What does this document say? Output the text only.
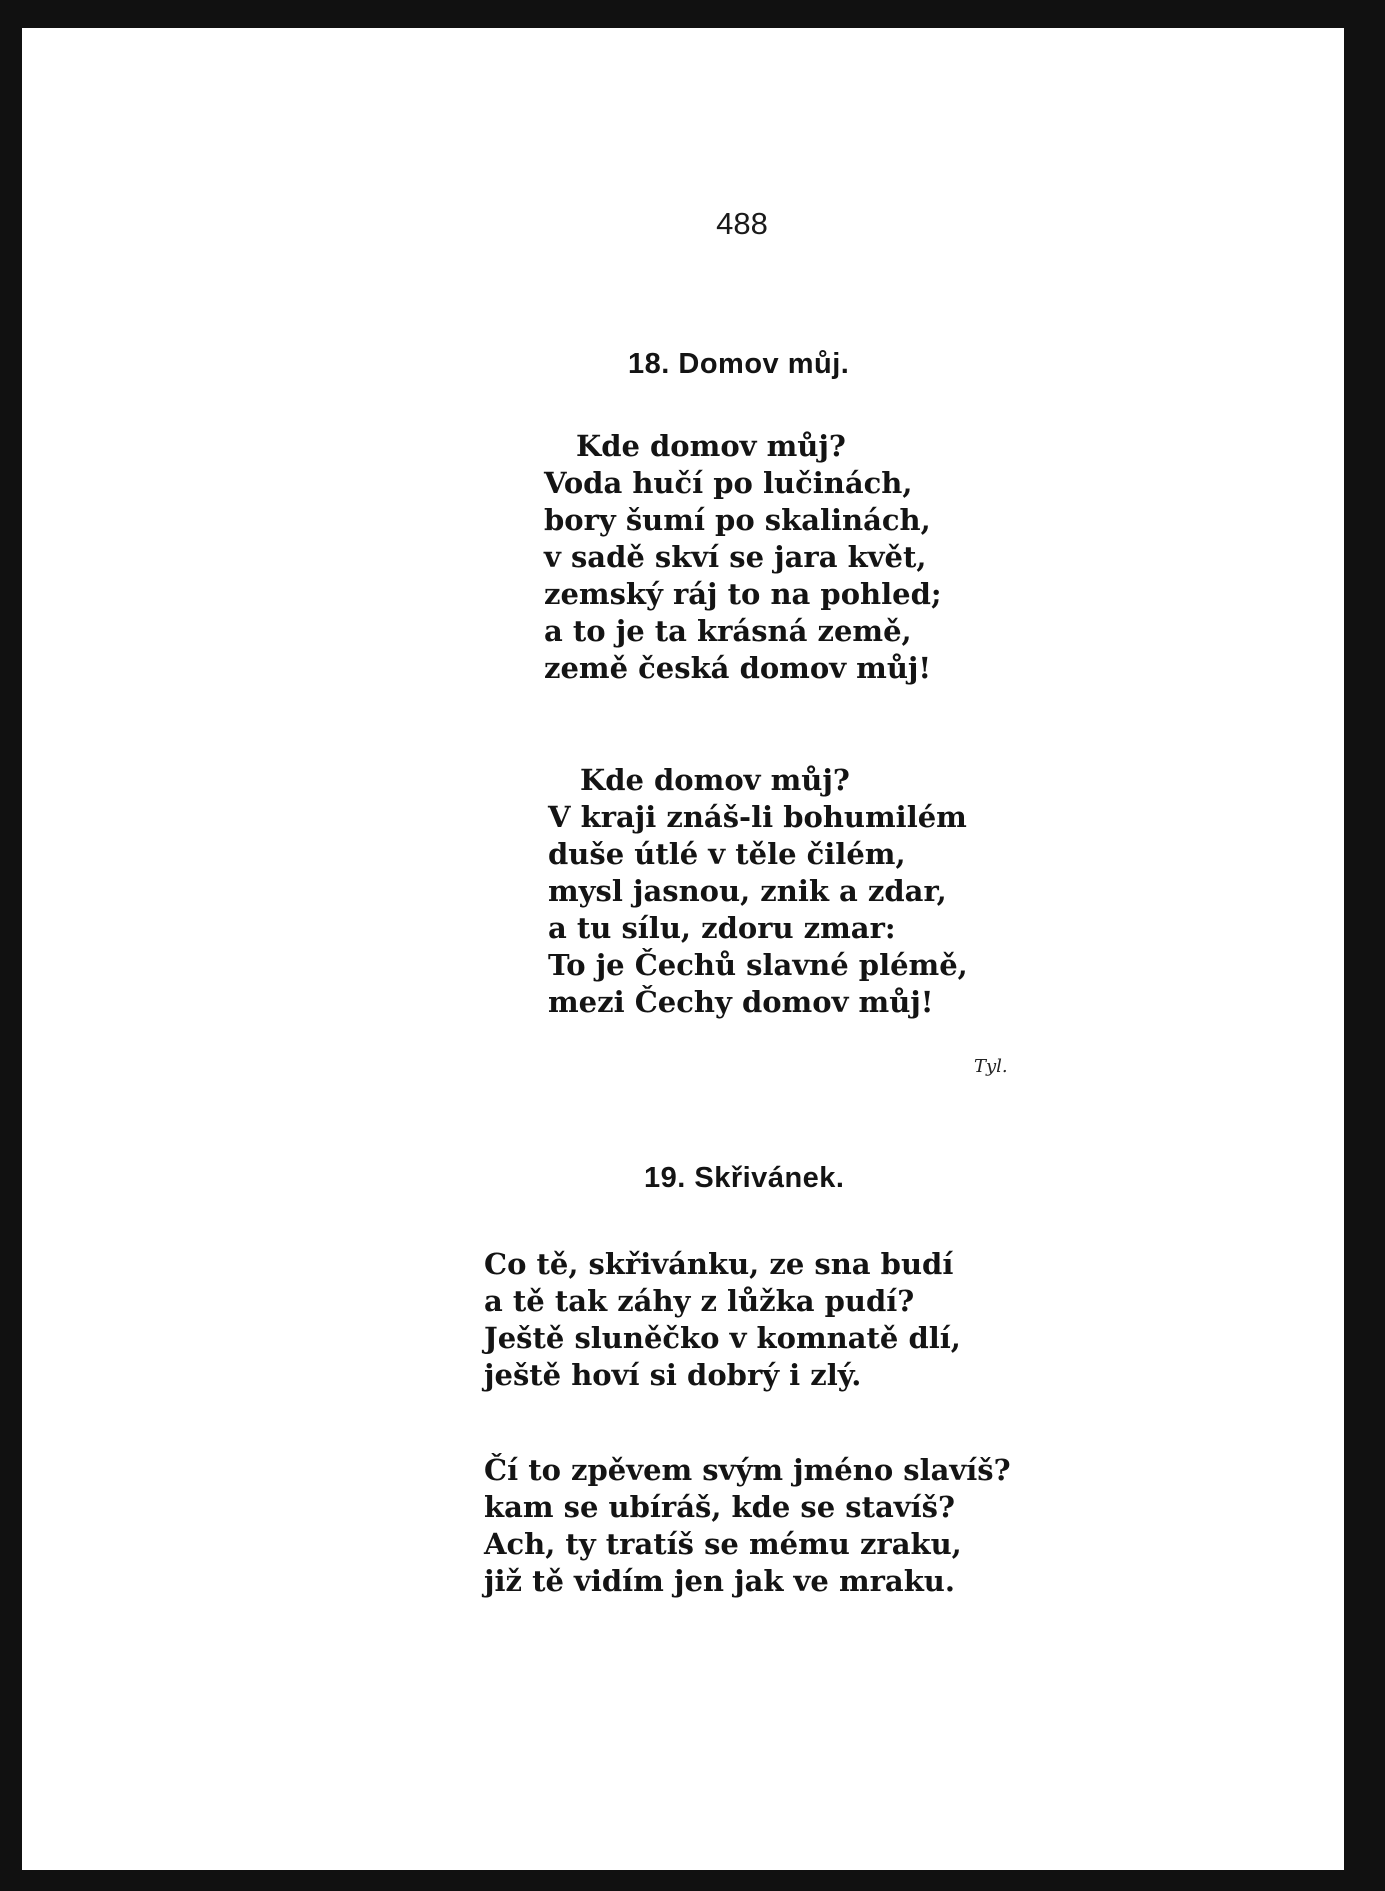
488
18. Domov můj.
Kde domov můj?
Voda hučí po lučinách,
bory šumí po skalinách,
v sadě skví se jara květ,
zemský ráj to na pohled;
a to je ta krásná země,
země česká domov můj!
Kde domov můj?
V kraji znáš-li bohumilém
duše útlé v těle čilém,
mysl jasnou, znik a zdar,
a tu sílu, zdoru zmar:
To je Čechů slavné plémě,
mezi Čechy domov můj!
Tyl.
19. Skřivánek.
Co tě, skřivánku, ze sna budí
a tě tak záhy z lůžka pudí?
Ještě sluněčko v komnatě dlí,
ještě hoví si dobrý i zlý.
Čí to zpěvem svým jméno slavíš?
kam se ubíráš, kde se stavíš?
Ach, ty tratíš se mému zraku,
již tě vidím jen jak ve mraku.
